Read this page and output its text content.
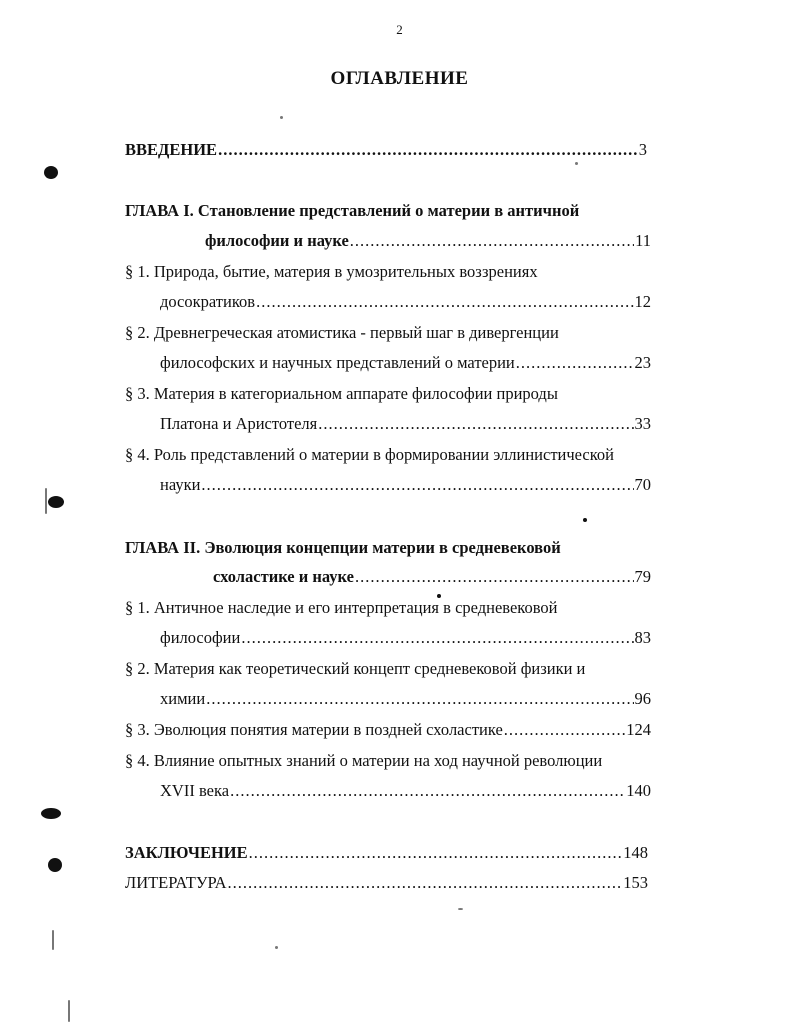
2
ОГЛАВЛЕНИЕ
ВВЕДЕНИЕ .....	3
ГЛАВА I. Становление представлений о материи в античной
философии и науке .....	11
§ 1. Природа, бытие, материя в умозрительных воззрениях
досократиков .....	12
§ 2. Древнегреческая атомистика - первый шаг в дивергенции
философских и научных представлений о материи .....	23
§ 3. Материя в категориальном аппарате философии природы
Платона и Аристотеля .....	33
§ 4. Роль представлений о материи в формировании эллинистической
науки .....	70
ГЛАВА II. Эволюция концепции материи в средневековой
схоластике и науке .....	79
§ 1. Античное наследие и его интерпретация в средневековой
философии .....	83
§ 2. Материя как теоретический концепт средневековой физики и
химии .....	96
§ 3. Эволюция понятия материи в поздней схоластике .....	124
§ 4. Влияние опытных знаний о материи на ход научной революции
XVII века .....	140
ЗАКЛЮЧЕНИЕ .....	148
ЛИТЕРАТУРА .....	153
